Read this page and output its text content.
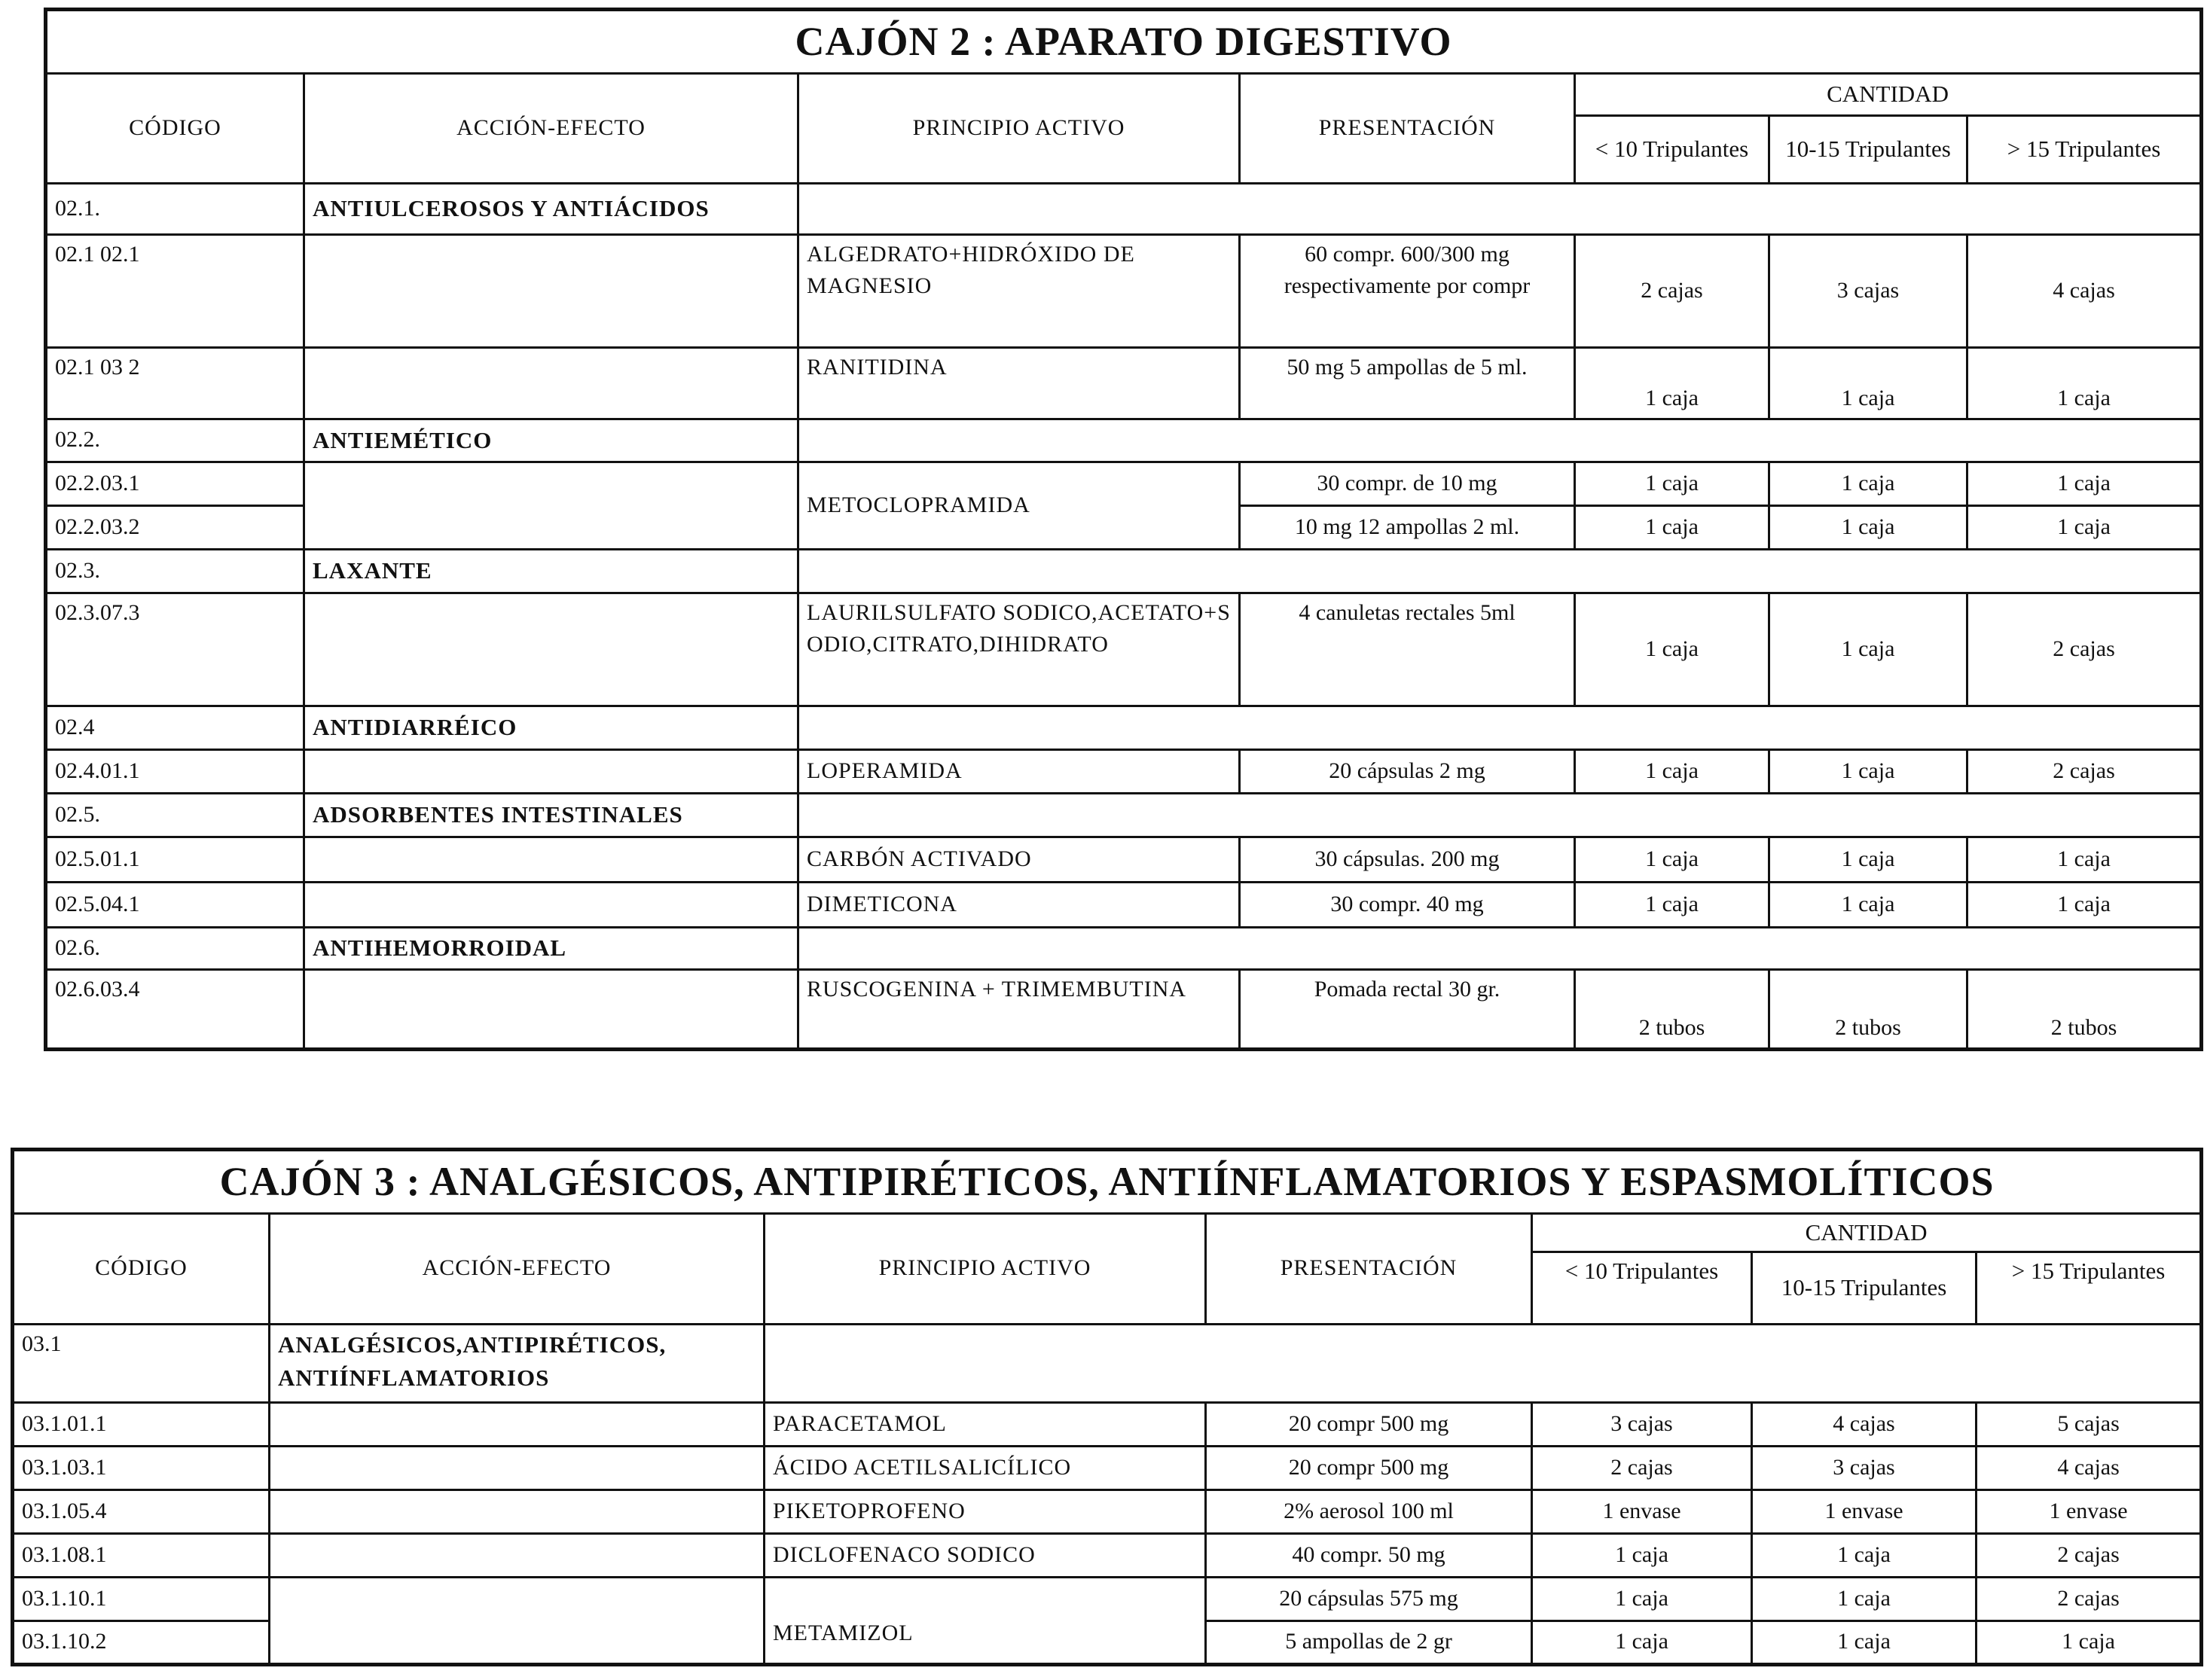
CAJÓN 2 : APARATO DIGESTIVO						
CÓDIGO	ACCIÓN-EFECTO	PRINCIPIO ACTIVO	PRESENTACIÓN	CANTIDAD		
				< 10 Tripulantes	10-15 Tripulantes	> 15 Tripulantes
02.1.	ANTIULCEROSOS Y ANTIÁCIDOS					
02.1 02.1		ALGEDRATO+HIDRÓXIDO DE MAGNESIO	60 compr. 600/300 mg respectivamente por compr	2 cajas	3 cajas	4 cajas
02.1 03 2		RANITIDINA	50 mg 5 ampollas de 5 ml.	1 caja	1 caja	1 caja
02.2.	ANTIEMÉTICO					
02.2.03.1		METOCLOPRAMIDA	30 compr. de 10 mg	1 caja	1 caja	1 caja
02.2.03.2			10 mg 12 ampollas 2 ml.	1 caja	1 caja	1 caja
02.3.	LAXANTE					
02.3.07.3		LAURILSULFATO SODICO,ACETATO+SODIO,CITRATO,DIHIDRATO	4 canuletas rectales 5ml	1 caja	1 caja	2 cajas
02.4	ANTIDIARRÉICO					
02.4.01.1		LOPERAMIDA	20 cápsulas 2 mg	1 caja	1 caja	2 cajas
02.5.	ADSORBENTES INTESTINALES					
02.5.01.1		CARBÓN ACTIVADO	30 cápsulas. 200 mg	1 caja	1 caja	1 caja
02.5.04.1		DIMETICONA	30 compr. 40 mg	1 caja	1 caja	1 caja
02.6.	ANTIHEMORROIDAL					
02.6.03.4		RUSCOGENINA + TRIMEMBUTINA	Pomada rectal 30 gr.	2 tubos	2 tubos	2 tubos
CAJÓN 3 : ANALGÉSICOS, ANTIPIRÉTICOS, ANTIÍNFLAMATORIOS Y ESPASMOLÍTICOS						
CÓDIGO	ACCIÓN-EFECTO	PRINCIPIO ACTIVO	PRESENTACIÓN	CANTIDAD		
				< 10 Tripulantes	10-15 Tripulantes	> 15 Tripulantes
03.1	ANALGÉSICOS,ANTIPIRÉTICOS, ANTIÍNFLAMATORIOS					
03.1.01.1		PARACETAMOL	20 compr 500 mg	3 cajas	4 cajas	5 cajas
03.1.03.1		ÁCIDO ACETILSALICÍLICO	20 compr 500 mg	2 cajas	3 cajas	4 cajas
03.1.05.4		PIKETOPROFENO	2% aerosol 100 ml	1 envase	1 envase	1 envase
03.1.08.1		DICLOFENACO SODICO	40 compr. 50 mg	1 caja	1 caja	2 cajas
03.1.10.1		METAMIZOL	20 cápsulas 575 mg	1 caja	1 caja	2 cajas
03.1.10.2			5 ampollas de 2 gr	1 caja	1 caja	1 caja
